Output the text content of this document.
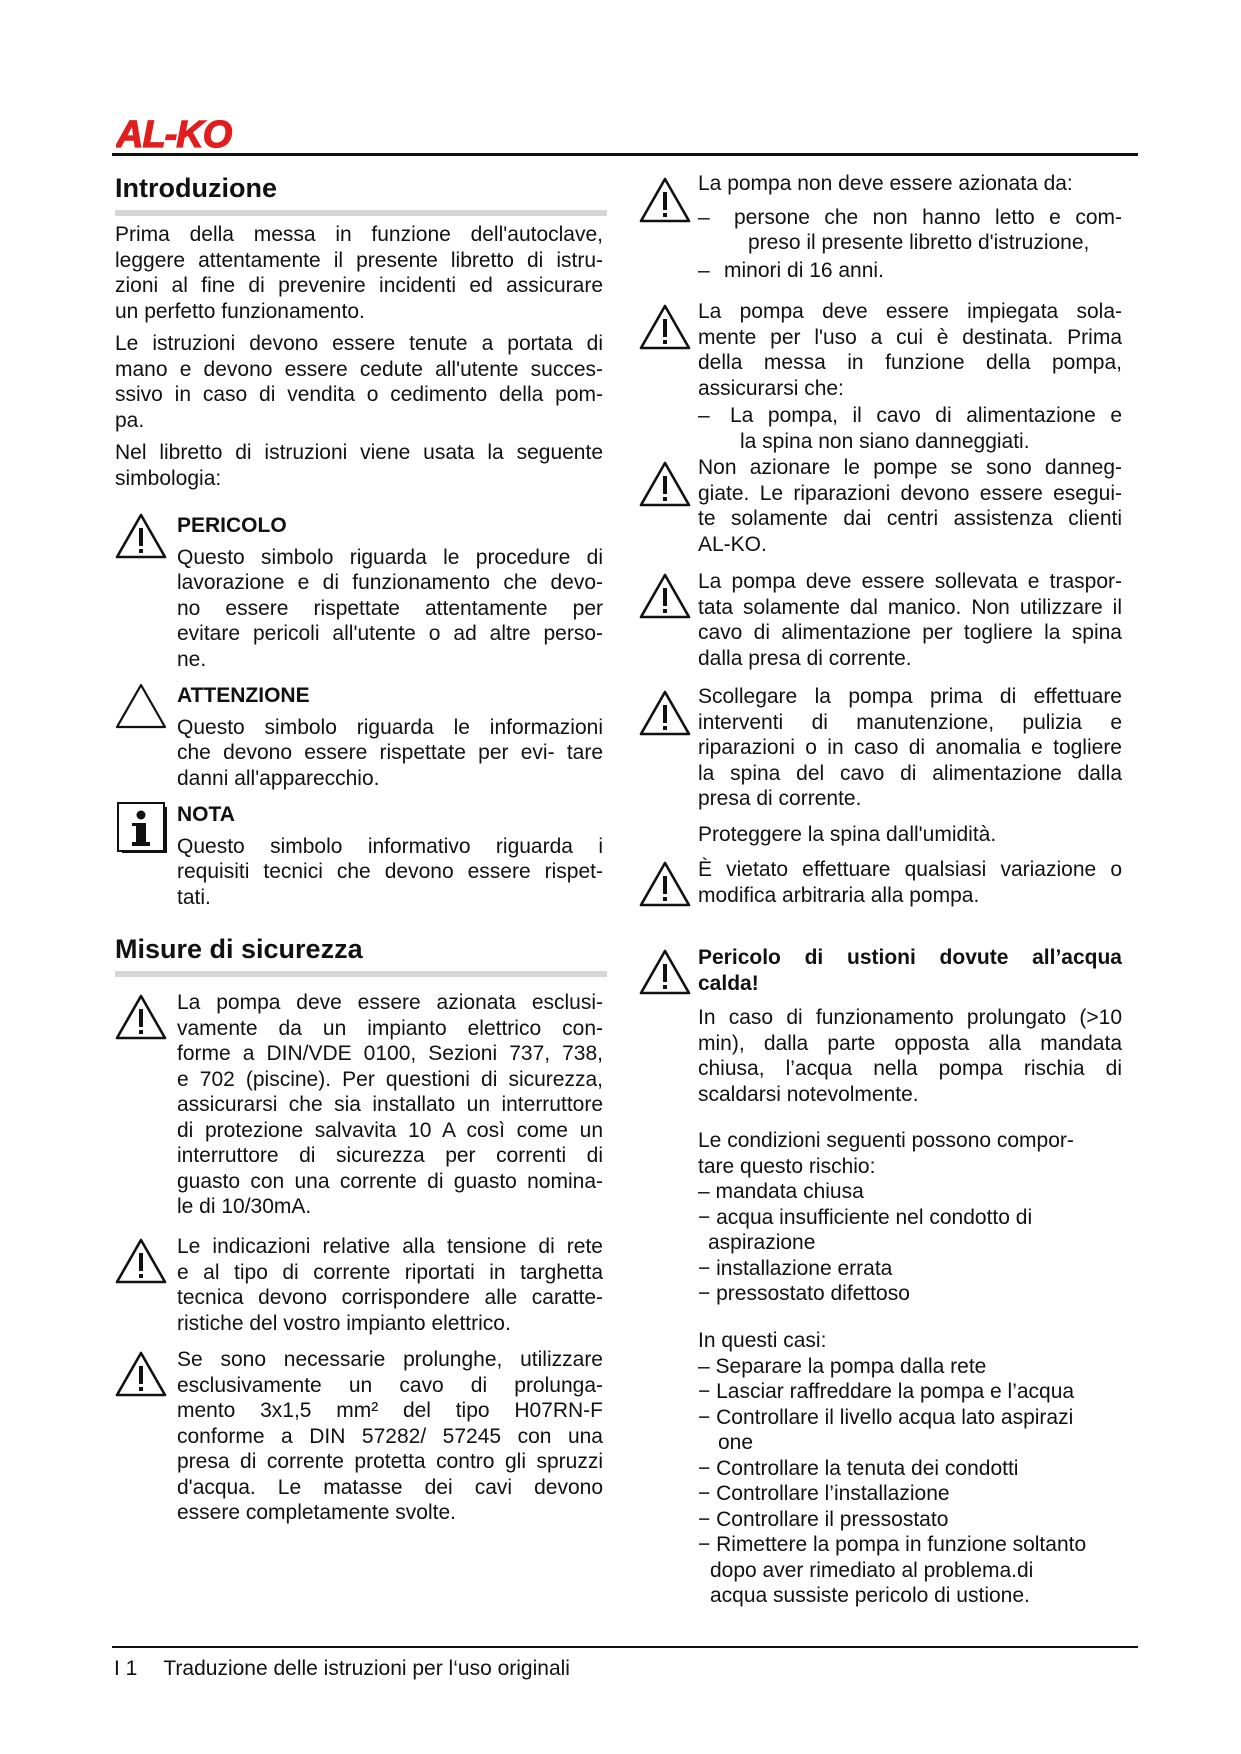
AL-KO
Introduzione
Prima della messa in funzione dell'autoclave,
leggere attentamente il presente libretto di istru-
zioni al fine di prevenire incidenti ed assicurare
un perfetto funzionamento.
Le istruzioni devono essere tenute a portata di
mano e devono essere cedute all'utente succes-
ssivo in caso di vendita o cedimento della pom-
pa.
Nel libretto di istruzioni viene usata la seguente
simbologia:
PERICOLO
Questo simbolo riguarda le procedure di
lavorazione e di funzionamento che devo-
no essere rispettate attentamente per
evitare pericoli all'utente o ad altre perso-
ne.
ATTENZIONE
Questo simbolo riguarda le informazioni
che devono essere rispettate per evi- tare
danni all'apparecchio.
NOTA
Questo simbolo informativo riguarda i
requisiti tecnici che devono essere rispet-
tati.
Misure di sicurezza
La pompa deve essere azionata esclusi-
vamente da un impianto elettrico con-
forme a DIN/VDE 0100, Sezioni 737, 738,
e 702 (piscine). Per questioni di sicurezza,
assicurarsi che sia installato un interruttore
di protezione salvavita 10 A così come un
interruttore di sicurezza per correnti di
guasto con una corrente di guasto nomina-
le di 10/30mA.
Le indicazioni relative alla tensione di rete
e al tipo di corrente riportati in targhetta
tecnica devono corrispondere alle caratte-
ristiche del vostro impianto elettrico.
Se sono necessarie prolunghe, utilizzare
esclusivamente un cavo di prolunga-
mento 3x1,5 mm² del tipo H07RN-F
conforme a DIN 57282/ 57245 con una
presa di corrente protetta contro gli spruzzi
d'acqua. Le matasse dei cavi devono
essere completamente svolte.
La pompa non deve essere azionata da:
–	persone che non hanno letto e com-
preso il presente libretto d'istruzione,
– minori di 16 anni.
La pompa deve essere impiegata sola-
mente per l'uso a cui è destinata. Prima
della messa in funzione della pompa,
assicurarsi che:
– La pompa, il cavo di alimentazione e
la spina non siano danneggiati.
Non azionare le pompe se sono danneg-
giate. Le riparazioni devono essere esegui-
te solamente dai centri assistenza clienti
AL-KO.
La pompa deve essere sollevata e traspor-
tata solamente dal manico. Non utilizzare il
cavo di alimentazione per togliere la spina
dalla presa di corrente.
Scollegare la pompa prima di effettuare
interventi di manutenzione, pulizia e
riparazioni o in caso di anomalia e togliere
la spina del cavo di alimentazione dalla
presa di corrente.
Proteggere la spina dall'umidità.
È vietato effettuare qualsiasi variazione o
modifica arbitraria alla pompa.
Pericolo di ustioni dovute all’acqua
calda!
In caso di funzionamento prolungato (>10
min), dalla parte opposta alla mandata
chiusa, l’acqua nella pompa rischia di
scaldarsi notevolmente.
Le condizioni seguenti possono compor-
tare questo rischio:
– mandata chiusa
− acqua insufficiente nel condotto di
aspirazione
− installazione errata
− pressostato difettoso
In questi casi:
– Separare la pompa dalla rete
− Lasciar raffreddare la pompa e l’acqua
− Controllare il livello acqua lato aspirazi
one
− Controllare la tenuta dei condotti
− Controllare l’installazione
− Controllare il pressostato
− Rimettere la pompa in funzione soltanto
dopo aver rimediato al problema.di
acqua sussiste pericolo di ustione.
I 1 Traduzione delle istruzioni per l‘uso originali
